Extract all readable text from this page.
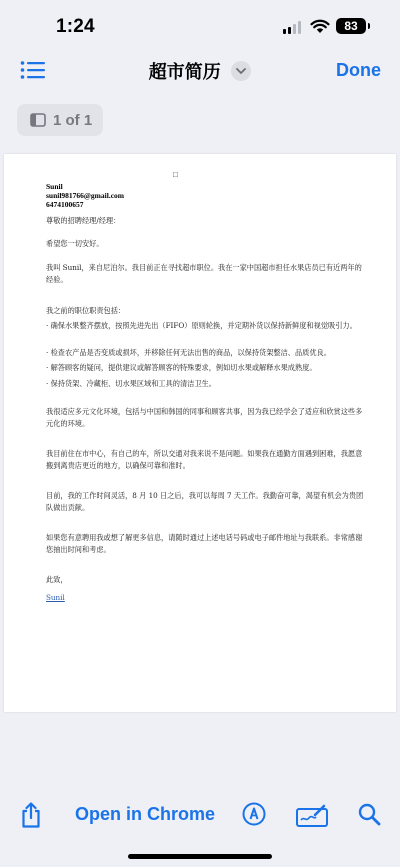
1:24	83
超市简历	Done
1 of 1
□
Sunil
sunil981766@gmail.com
6474100657

尊敬的招聘经理/经理：

希望您一切安好。

我叫 Sunil，来自尼泊尔。我目前正在寻找超市职位。我在一家中国超市担任水果店员已有近两年的经验。

我之前的职位职责包括：

· 确保水果整齐摆放，按照先进先出（FIFO）原则轮换，并定期补货以保持新鲜度和视觉吸引力。

· 检查农产品是否变质或损坏，并移除任何无法出售的商品，以保持货架整洁、品质优良。

· 解答顾客的疑问，提供建议或解答顾客的特殊要求，例如切水果或解释水果成熟度。

· 保持货架、冷藏柜、切水果区域和工具的清洁卫生。

我很适应多元文化环境，包括与中国和韩国的同事和顾客共事，因为我已经学会了适应和欣赏这些多元化的环境。

我目前住在市中心，有自己的车，所以交通对我来说不是问题。如果我在通勤方面遇到困难，我愿意搬到离贵店更近的地方，以确保可靠和准时。

目前，我的工作时间灵活，8 月 10 日之后，我可以每周 7 天工作。我勤奋可靠，渴望有机会为贵团队做出贡献。

如果您有意聘用我或想了解更多信息，请随时通过上述电话号码或电子邮件地址与我联系。非常感谢您抽出时间和考虑。

此致，

Sunil

Open in Chrome
